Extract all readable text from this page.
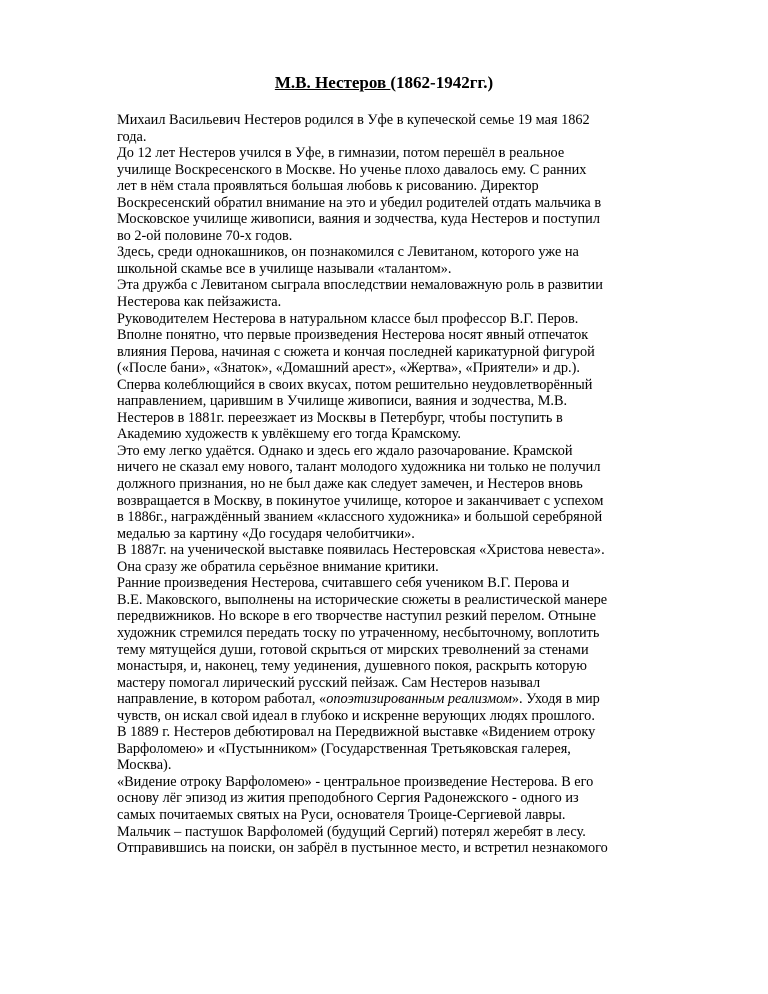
М.В. Нестеров (1862-1942гг.)
Михаил Васильевич Нестеров родился в Уфе в купеческой семье 19 мая 1862
года.
До 12 лет Нестеров учился в Уфе, в гимназии, потом перешёл в реальное
училище Воскресенского в Москве. Но ученье плохо давалось ему. С ранних
лет в нём стала проявляться большая любовь к рисованию. Директор
Воскресенский обратил внимание на это и убедил родителей отдать мальчика в
Московское училище живописи, ваяния и зодчества, куда Нестеров и поступил
во 2-ой половине 70-х годов.
Здесь, среди однокашников, он познакомился с Левитаном, которого уже на
школьной скамье все в училище называли «талантом».
Эта дружба с Левитаном сыграла впоследствии немаловажную роль в развитии
Нестерова как пейзажиста.
Руководителем Нестерова в натуральном классе был профессор В.Г. Перов.
Вполне понятно, что первые произведения Нестерова носят явный отпечаток
влияния Перова, начиная с сюжета и кончая последней карикатурной фигурой
(«После бани», «Знаток», «Домашний арест», «Жертва», «Приятели» и др.).
Сперва колеблющийся в своих вкусах, потом решительно неудовлетворённый
направлением, царившим в Училище живописи, ваяния и зодчества, М.В.
Нестеров в 1881г. переезжает из Москвы в Петербург, чтобы поступить в
Академию художеств к увлёкшему его тогда Крамскому.
Это ему легко удаётся. Однако и здесь его ждало разочарование. Крамской
ничего не сказал ему нового, талант молодого художника ни только не получил
должного признания, но не был даже как следует замечен, и Нестеров вновь
возвращается в Москву, в покинутое училище, которое и заканчивает с успехом
в 1886г., награждённый званием «классного художника» и большой серебряной
медалью за картину «До государя челобитчики».
В 1887г. на ученической выставке появилась Нестеровская «Христова невеста».
Она сразу же обратила серьёзное внимание критики.
Ранние произведения Нестерова, считавшего себя учеником В.Г. Перова и
В.Е. Маковского, выполнены на исторические сюжеты в реалистической манере
передвижников. Но вскоре в его творчестве наступил резкий перелом. Отныне
художник стремился передать тоску по утраченному, несбыточному, воплотить
тему мятущейся души, готовой скрыться от мирских треволнений за стенами
монастыря, и, наконец, тему уединения, душевного покоя, раскрыть которую
мастеру помогал лирический русский пейзаж. Сам Нестеров называл
направление, в котором работал, «опоэтизированным реализмом». Уходя в мир
чувств, он искал свой идеал в глубоко и искренне верующих людях прошлого.
В 1889 г. Нестеров дебютировал на Передвижной выставке «Видением отроку
Варфоломею» и «Пустынником» (Государственная Третьяковская галерея,
Москва).
«Видение отроку Варфоломею» - центральное произведение Нестерова. В его
основу лёг эпизод из жития преподобного Сергия Радонежского - одного из
самых почитаемых святых на Руси, основателя Троице-Сергиевой лавры.
Мальчик – пастушок Варфоломей (будущий Сергий) потерял жеребят в лесу.
Отправившись на поиски, он забрёл в пустынное место, и встретил незнакомого
